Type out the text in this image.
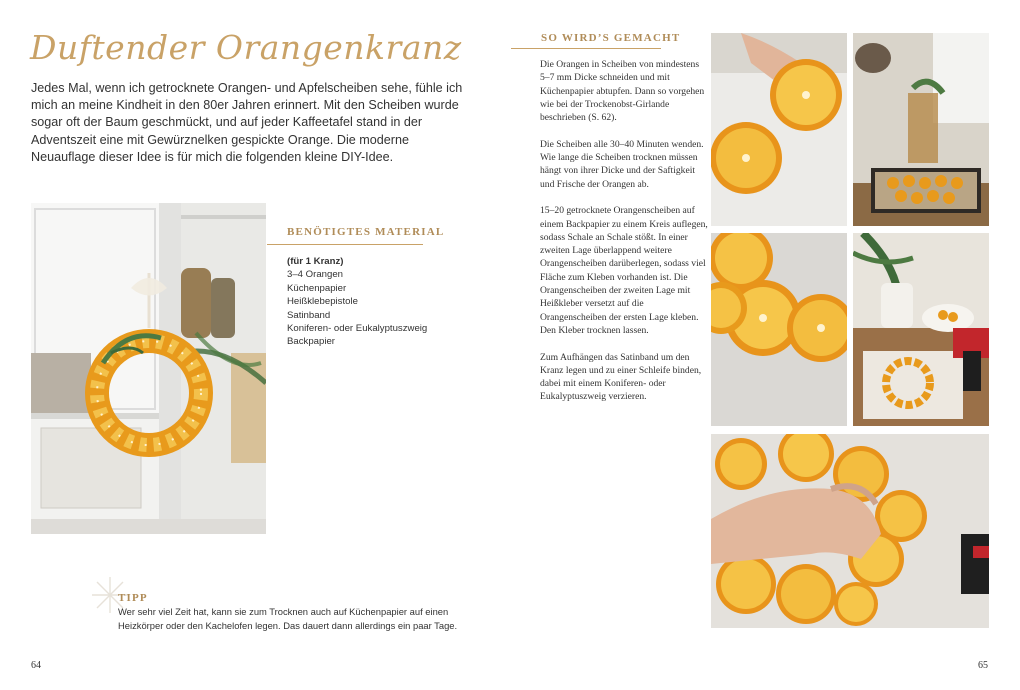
Duftender Orangenkranz
Jedes Mal, wenn ich getrocknete Orangen- und Apfelscheiben sehe, fühle ich mich an meine Kindheit in den 80er Jahren erinnert. Mit den Scheiben wurde sogar oft der Baum geschmückt, und auf jeder Kaffeetafel stand in der Adventszeit eine mit Gewürznelken gespickte Orange. Die moderne Neuauflage dieser Idee is für mich die folgenden kleine DIY-Idee.
BENÖTIGTES MATERIAL
(für 1 Kranz)
3–4 Orangen
Küchenpapier
Heißklebepistole
Satinband
Koniferen- oder Eukalyptuszweig
Backpapier
TIPP
Wer sehr viel Zeit hat, kann sie zum Trocknen auch auf Küchenpapier auf einen Heizkörper oder den Kachelofen legen. Das dauert dann allerdings ein paar Tage.
SO WIRD’S GEMACHT

Die Orangen in Scheiben von mindestens 5–7 mm Dicke schneiden und mit Küchenpapier abtupfen. Dann so vorgehen wie bei der Trockenobst-Girlande beschrieben (S. 62).

Die Scheiben alle 30–40 Minuten wenden. Wie lange die Scheiben trocknen müssen hängt von ihrer Dicke und der Saftigkeit und Frische der Orangen ab.

15–20 getrocknete Orangenscheiben auf einem Backpapier zu einem Kreis auflegen, sodass Schale an Schale stößt. In einer zweiten Lage überlappend weitere Orangenscheiben darüberlegen, sodass viel Fläche zum Kleben vorhanden ist. Die Orangenscheiben der zweiten Lage mit Heißkleber versetzt auf die Orangenscheiben der ersten Lage kleben. Den Kleber trocknen lassen.

Zum Aufhängen das Satinband um den Kranz legen und zu einer Schleife binden, dabei mit einem Koniferen- oder Eukalyptuszweig verzieren.

64	65
